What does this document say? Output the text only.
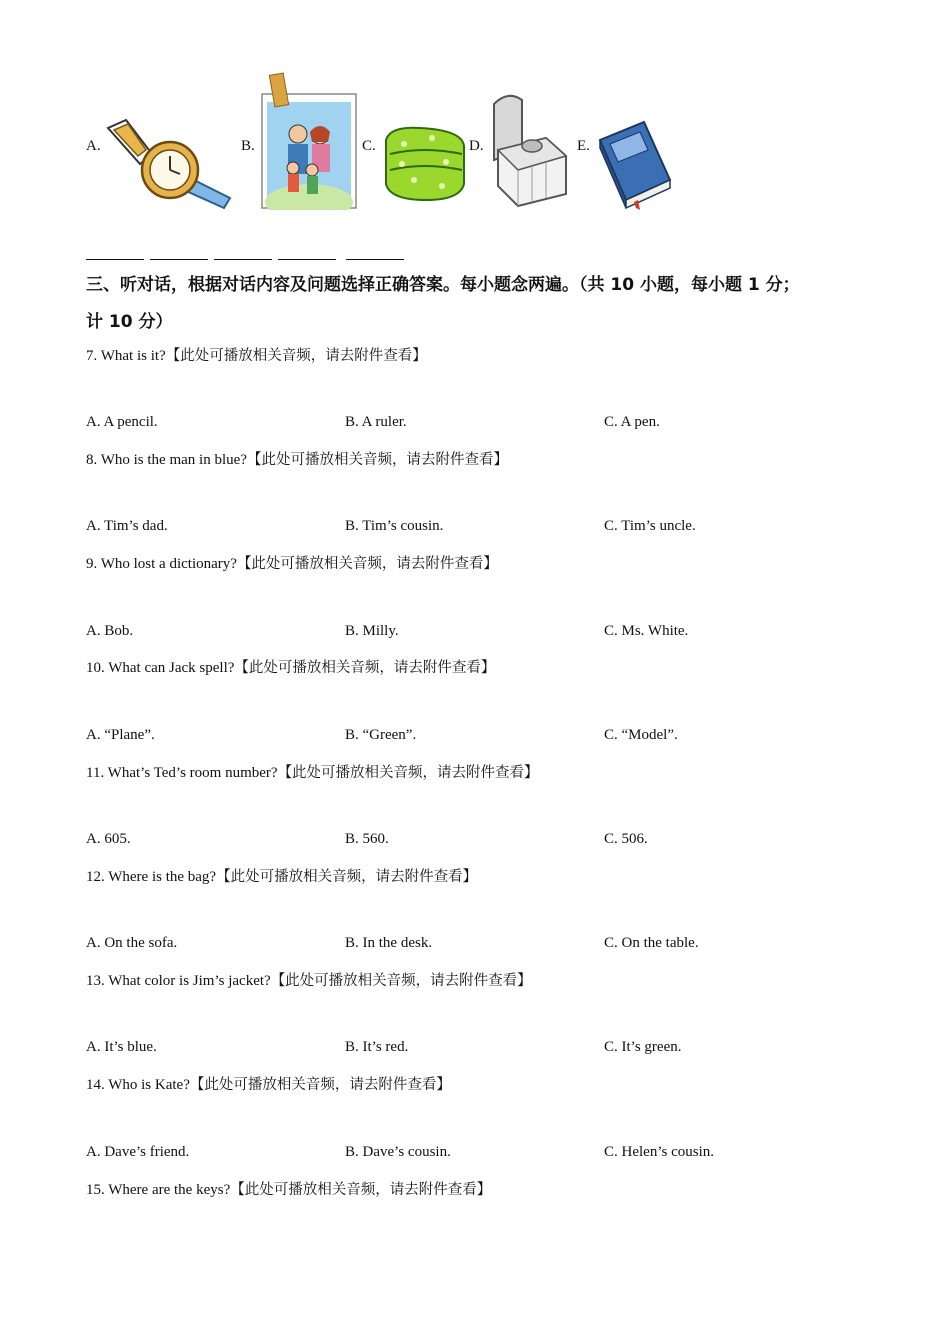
A.	B.	C.	D.	E.
三、听对话，根据对话内容及问题选择正确答案。每小题念两遍。（共 10 小题，每小题 1 分；
计 10 分）
7. What is it?【此处可播放相关音频，请去附件查看】
A. A pencil.	B. A ruler.	C. A pen.
8. Who is the man in blue?【此处可播放相关音频，请去附件查看】
A. Tim’s dad.	B. Tim’s cousin.	C. Tim’s uncle.
9. Who lost a dictionary?【此处可播放相关音频，请去附件查看】
A. Bob.	B. Milly.	C. Ms. White.
10. What can Jack spell?【此处可播放相关音频，请去附件查看】
A. “Plane”.	B. “Green”.	C. “Model”.
11. What’s Ted’s room number?【此处可播放相关音频，请去附件查看】
A. 605.	B. 560.	C. 506.
12. Where is the bag?【此处可播放相关音频，请去附件查看】
A. On the sofa.	B. In the desk.	C. On the table.
13. What color is Jim’s jacket?【此处可播放相关音频，请去附件查看】
A. It’s blue.	B. It’s red.	C. It’s green.
14. Who is Kate?【此处可播放相关音频，请去附件查看】
A. Dave’s friend.	B. Dave’s cousin.	C. Helen’s cousin.
15. Where are the keys?【此处可播放相关音频，请去附件查看】
